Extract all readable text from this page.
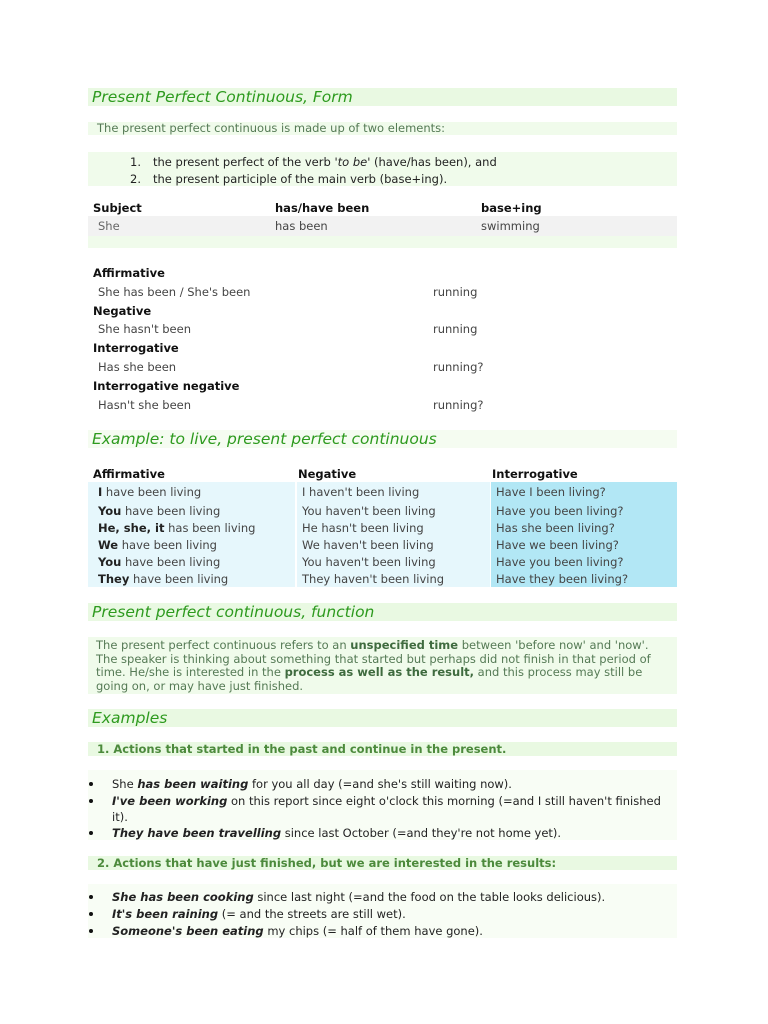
Present Perfect Continuous, Form
The present perfect continuous is made up of two elements:
1. the present perfect of the verb 'to be' (have/has been), and
2. the present participle of the main verb (base+ing).
Subject	has/have been	base+ing
She	has been	swimming
Affirmative
She has been / She's been	running
Negative
She hasn't been	running
Interrogative
Has she been	running?
Interrogative negative
Hasn't she been	running?
Example: to live, present perfect continuous
Affirmative	Negative	Interrogative
I have been living	I haven't been living	Have I been living?
You have been living	You haven't been living	Have you been living?
He, she, it has been living	He hasn't been living	Has she been living?
We have been living	We haven't been living	Have we been living?
You have been living	You haven't been living	Have you been living?
They have been living	They haven't been living	Have they been living?
Present perfect continuous, function
The present perfect continuous refers to an unspecified time between 'before now' and 'now'.
The speaker is thinking about something that started but perhaps did not finish in that period of
time. He/she is interested in the process as well as the result, and this process may still be
going on, or may have just finished.
Examples
1. Actions that started in the past and continue in the present.
She has been waiting for you all day (=and she's still waiting now).
I've been working on this report since eight o'clock this morning (=and I still haven't finished
it).
They have been travelling since last October (=and they're not home yet).
2. Actions that have just finished, but we are interested in the results:
She has been cooking since last night (=and the food on the table looks delicious).
It's been raining (= and the streets are still wet).
Someone's been eating my chips (= half of them have gone).
